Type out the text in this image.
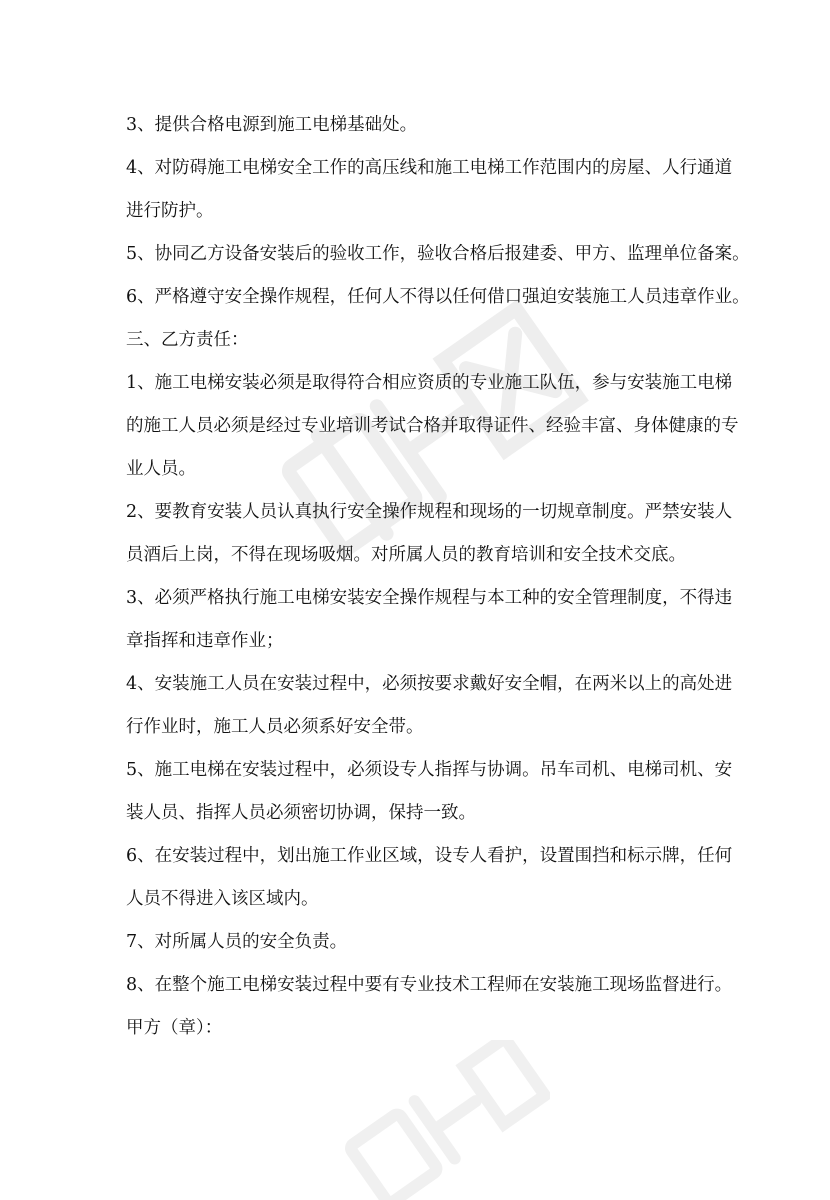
3、提供合格电源到施工电梯基础处。
4、对防碍施工电梯安全工作的高压线和施工电梯工作范围内的房屋、人行通道
进行防护。
5、协同乙方设备安装后的验收工作，验收合格后报建委、甲方、监理单位备案。
6、严格遵守安全操作规程，任何人不得以任何借口强迫安装施工人员违章作业。
三、乙方责任：
1、施工电梯安装必须是取得符合相应资质的专业施工队伍，参与安装施工电梯
的施工人员必须是经过专业培训考试合格并取得证件、经验丰富、身体健康的专
业人员。
2、要教育安装人员认真执行安全操作规程和现场的一切规章制度。严禁安装人
员酒后上岗，不得在现场吸烟。对所属人员的教育培训和安全技术交底。
3、必须严格执行施工电梯安装安全操作规程与本工种的安全管理制度，不得违
章指挥和违章作业；
4、安装施工人员在安装过程中，必须按要求戴好安全帽，在两米以上的高处进
行作业时，施工人员必须系好安全带。
5、施工电梯在安装过程中，必须设专人指挥与协调。吊车司机、电梯司机、安
装人员、指挥人员必须密切协调，保持一致。
6、在安装过程中，划出施工作业区域，设专人看护，设置围挡和标示牌，任何
人员不得进入该区域内。
7、对所属人员的安全负责。
8、在整个施工电梯安装过程中要有专业技术工程师在安装施工现场监督进行。
甲方（章）：
